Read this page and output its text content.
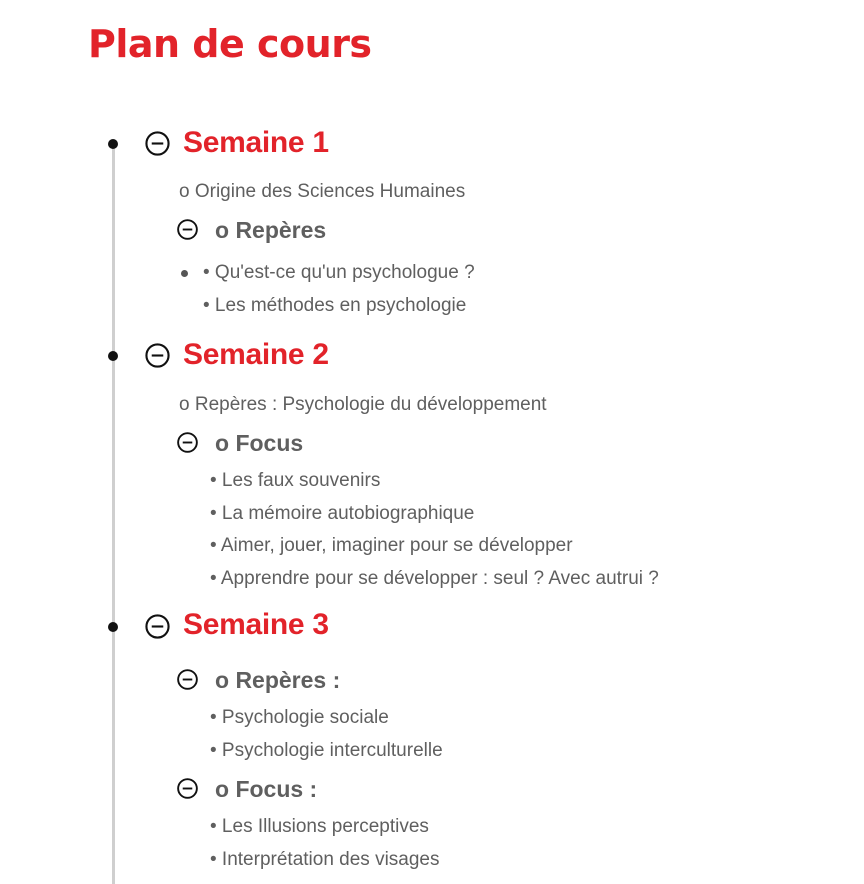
Plan de cours
Semaine 1
o Origine des Sciences Humaines
o Repères
• Qu'est-ce qu'un psychologue ?
• Les méthodes en psychologie
Semaine 2
o Repères : Psychologie du développement
o Focus
• Les faux souvenirs
• La mémoire autobiographique
• Aimer, jouer, imaginer pour se développer
• Apprendre pour se développer : seul ? Avec autrui ?
Semaine 3
o Repères :
• Psychologie sociale
• Psychologie interculturelle
o Focus :
• Les Illusions perceptives
• Interprétation des visages
